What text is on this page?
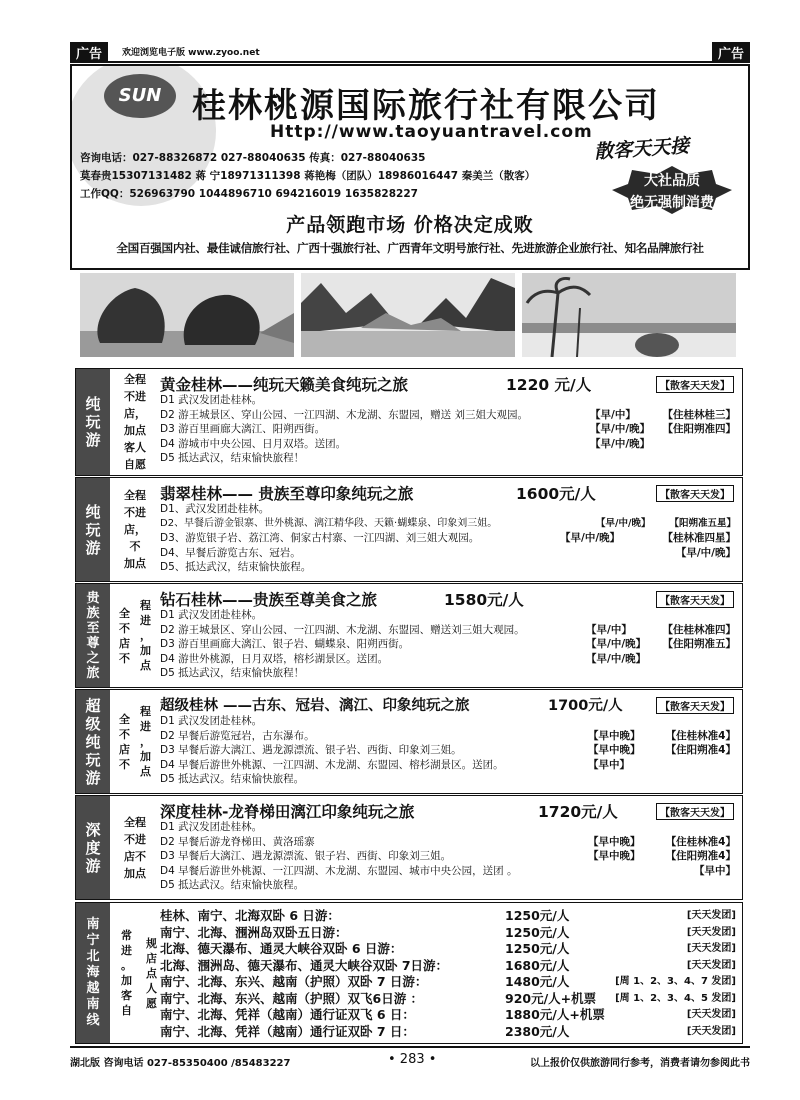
广告	欢迎浏览电子版 www.zyoo.net	广告
SUN 桂林桃源国际旅行社有限公司
Http://www.taoyuantravel.com
散客天天接
咨询电话：027-88326872 027-88040635 传真：027-88040635
莫春贵15307131482 蒋 宁18971311398 蒋艳梅（团队）18986016447 秦美兰（散客）
工作QQ：526963790 1044896710 694216019 1635828227
大社品质
绝无强制消费
产品领跑市场 价格决定成败
全国百强国内社、最佳诚信旅行社、广西十强旅行社、广西青年文明号旅行社、先进旅游企业旅行社、知名品牌旅行社
纯
玩
游
全程
不进
店，
加点
客人
自愿
黄金桂林——纯玩天籁美食纯玩之旅	1220 元/人	【散客天天发】
D1 武汉发团赴桂林。
D2 游王城景区、穿山公园、一江四湖、木龙湖、东盟园，赠送 刘三姐大观园。	【早/中】	【住桂林桂三】
D3 游百里画廊大漓江、阳朔西街。	【早/中/晚】 【住阳朔准四】
D4 游城市中央公园、日月双塔。送团。	【早/中/晚】
D5 抵达武汉，结束愉快旅程！
纯
玩
游
全程
不进
店，
不
加点
翡翠桂林—— 贵族至尊印象纯玩之旅	1600元/人	【散客天天发】
D1、武汉发团赴桂林。
D2、早餐后游金银寨、世外桃源、漓江精华段、天籁·蝴蝶泉、印象刘三姐。	【早/中/晚】 【阳朔准五星】
D3、游览银子岩、荔江湾、侗家古村寨、一江四湖、刘三姐大观园。	【早/中/晚】	【桂林准四星】
D4、早餐后游览古东、冠岩。	【早/中/晚】
D5、抵达武汉，结束愉快旅程。
贵
族
至
尊
之
旅
全
不
店
不
程
进
，
加
点
钻石桂林——贵族至尊美食之旅	1580元/人	【散客天天发】
D1 武汉发团赴桂林。
D2 游王城景区、穿山公园、一江四湖、木龙湖、东盟园、赠送刘三姐大观园。	【早/中】	【住桂林准四】
D3 游百里画廊大漓江、银子岩、蝴蝶泉、阳朔西街。	【早/中/晚】 【住阳朔准五】
D4 游世外桃源，日月双塔，榕杉湖景区。送团。	【早/中/晚】
D5 抵达武汉，结束愉快旅程！
超
级
纯
玩
游
全
不
店
不
程
进
，
加
点
超级桂林 ——古东、冠岩、漓江、印象纯玩之旅	1700元/人	【散客天天发】
D1 武汉发团赴桂林。
D2 早餐后游览冠岩，古东瀑布。	【早中晚】 【住桂林准4】
D3 早餐后游大漓江、遇龙源漂流、银子岩、西街、印象刘三姐。	【早中晚】 【住阳朔准4】
D4 早餐后游世外桃源、一江四湖、木龙湖、东盟园、榕杉湖景区。送团。	【早中】
D5 抵达武汉。结束愉快旅程。
深
度
游
全程
不进
店不
加点
深度桂林-龙脊梯田漓江印象纯玩之旅	1720元/人	【散客天天发】
D1 武汉发团赴桂林。
D2 早餐后游龙脊梯田、黄洛瑶寨	【早中晚】 【住桂林准4】
D3 早餐后大漓江、遇龙源漂流、银子岩、西街、印象刘三姐。	【早中晚】 【住阳朔准4】
D4 早餐后游世外桃源、一江四湖、木龙湖、东盟园、城市中央公园，送团 。	【早中】
D5 抵达武汉。结束愉快旅程。
南
宁
北
海
越
南
线
常
进
。
加
客
自
规
店
点
人
愿
桂林、南宁、北海双卧 6 日游：	1250元/人	[天天发团]
南宁、北海、涠洲岛双卧五日游：	1250元/人	[天天发团]
北海、德天瀑布、通灵大峡谷双卧 6 日游：	1250元/人	[天天发团]
北海、涠洲岛、德天瀑布、通灵大峡谷双卧 7日游：	1680元/人	[天天发团]
南宁、北海、东兴、越南（护照）双卧 7 日游：	1480元/人	[周 1、2、3、4、7 发团]
南宁、北海、东兴、越南（护照）双飞6日游 ：	920元/人+机票 [周 1、2、3、4、5 发团]
南宁、北海、凭祥（越南）通行证双飞 6 日：	1880元/人+机票	[天天发团]
南宁、北海、凭祥（越南）通行证双卧 7 日：	2380元/人	[天天发团]
湖北版 咨询电话 027-85350400 /85483227	• 283 •	以上报价仅供旅游同行参考，消费者请勿参阅此书
